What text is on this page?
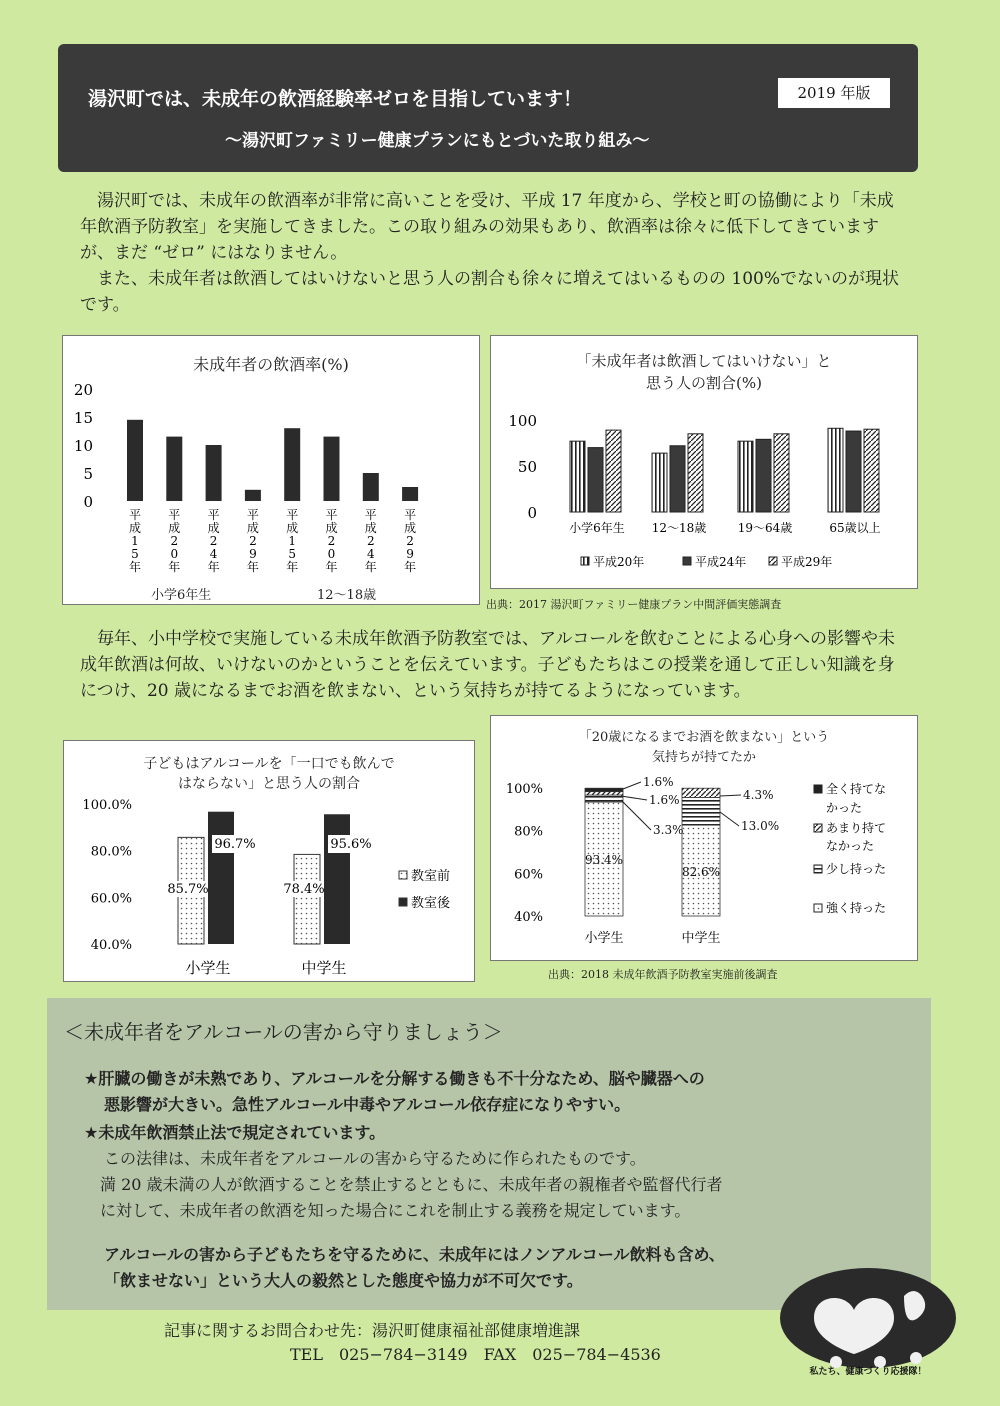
湯沢町では、未成年の飲酒経験率ゼロを目指しています！	2019 年版
〜湯沢町ファミリー健康プランにもとづいた取り組み〜

湯沢町では、未成年の飲酒率が非常に高いことを受け、平成 17 年度から、学校と町の協働により「未成年飲酒予防教室」を実施してきました。この取り組みの効果もあり、飲酒率は徐々に低下してきていますが、まだ “ゼロ” にはなりません。

また、未成年者は飲酒してはいけないと思う人の割合も徐々に増えてはいるものの 100%でないのが現状です。

未成年者の飲酒率(%)
20
15
10
5
0
平
成
1
5
年
平
成
2
0
年
平
成
2
4
年
平
成
2
9
年
平
成
1
5
年
平
成
2
0
年
平
成
2
4
年
平
成
2
9
年
小学6年生	12〜18歳
「未成年者は飲酒してはいけない」と
思う人の割合(%)
100
50
0
小学6年生 12〜18歳	19〜64歳	65歳以上
平成20年	平成24年	平成29年
出典：2017 湯沢町ファミリー健康プラン中間評価実態調査

毎年、小中学校で実施している未成年飲酒予防教室では、アルコールを飲むことによる心身への影響や未成年飲酒は何故、いけないのかということを伝えています。子どもたちはこの授業を通して正しい知識を身につけ、20 歳になるまでお酒を飲まない、という気持ちが持てるようになっています。

子どもはアルコールを「一口でも飲んで
はならない」と思う人の割合
100.0%
80.0%
60.0%
40.0%
85.7%
96.7%
小学生
78.4%
95.6%
中学生
教室前
教室後
「20歳になるまでお酒を飲まない」という
気持ちが持てたか
100%
80%
60%
40%
小学生	中学生
1.6%
1.6%
3.3%
93.4%
4.3%
13.0%
82.6%
全く持てな
かった
あまり持て
なかった
少し持った
強く持った
出典：2018 未成年飲酒予防教室実施前後調査
＜未成年者をアルコールの害から守りましょう＞
★肝臓の働きが未熟であり、アルコールを分解する働きも不十分なため、脳や臓器への
悪影響が大きい。急性アルコール中毒やアルコール依存症になりやすい。
★未成年飲酒禁止法で規定されています。
この法律は、未成年者をアルコールの害から守るために作られたものです。
満 20 歳未満の人が飲酒することを禁止するとともに、未成年者の親権者や監督代行者
に対して、未成年者の飲酒を知った場合にこれを制止する義務を規定しています。
アルコールの害から子どもたちを守るために、未成年にはノンアルコール飲料も含め、
「飲ませない」という大人の毅然とした態度や協力が不可欠です。
記事に関するお問合わせ先：湯沢町健康福祉部健康増進課
TEL　025−784−3149　FAX　025−784−4536
私たち、健康づくり応援隊！
